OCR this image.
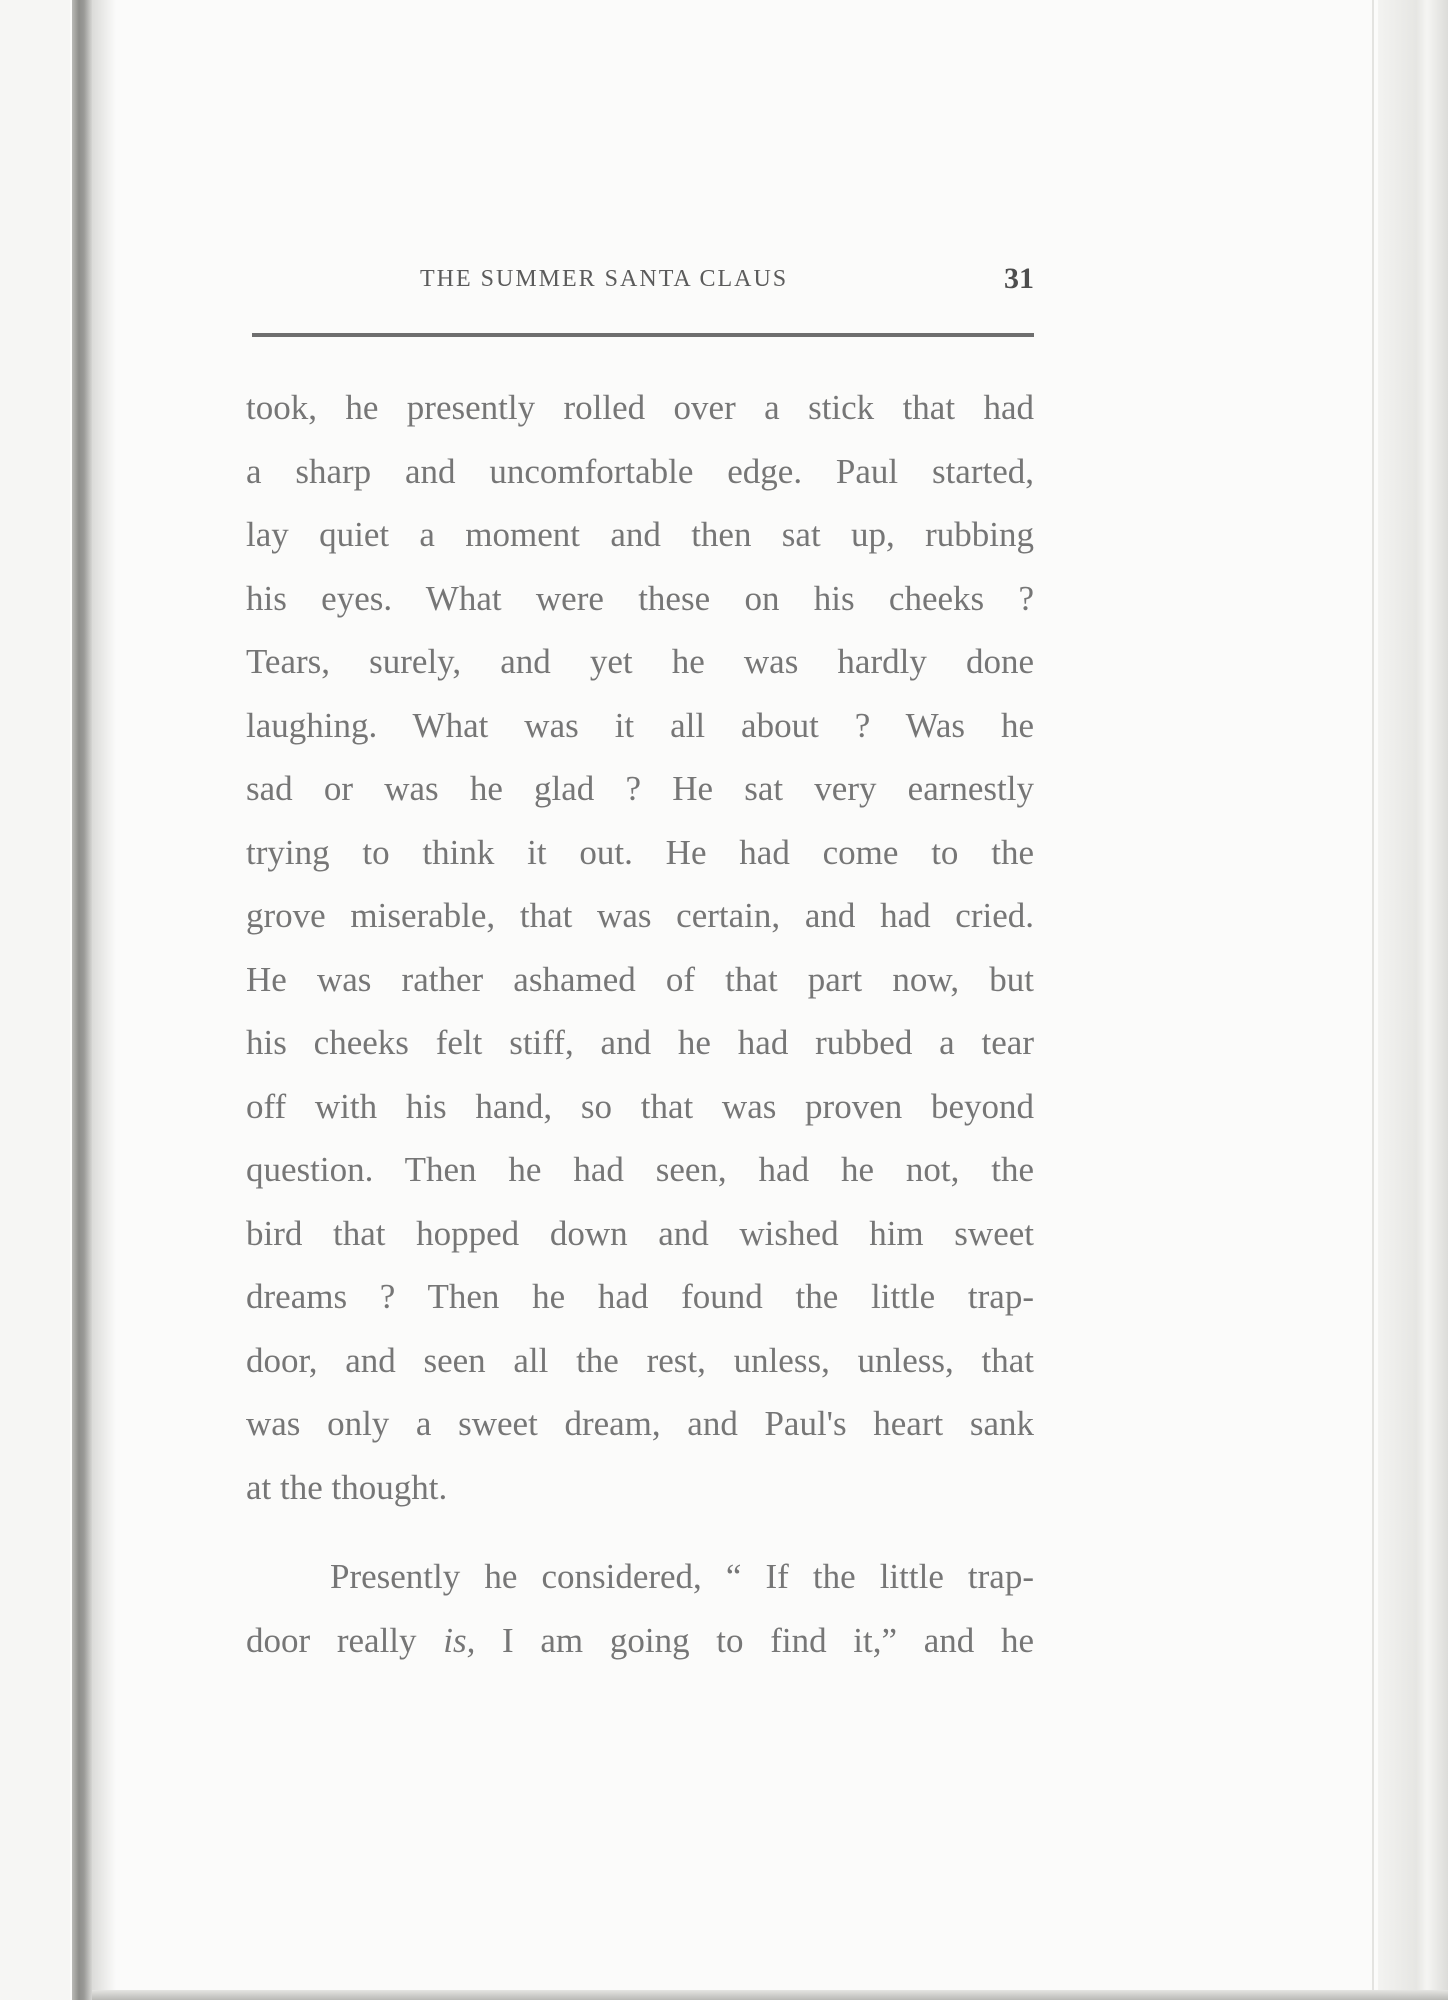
THE SUMMER SANTA CLAUS	31
took, he presently rolled over a stick that had
a sharp and uncomfortable edge. Paul started,
lay quiet a moment and then sat up, rubbing
his eyes. What were these on his cheeks ?
Tears, surely, and yet he was hardly done
laughing. What was it all about ? Was he
sad or was he glad ? He sat very earnestly
trying to think it out. He had come to the
grove miserable, that was certain, and had cried.
He was rather ashamed of that part now, but
his cheeks felt stiff, and he had rubbed a tear
off with his hand, so that was proven beyond
question. Then he had seen, had he not, the
bird that hopped down and wished him sweet
dreams ? Then he had found the little trap-
door, and seen all the rest, unless, unless, that
was only a sweet dream, and Paul's heart sank
at the thought.
Presently he considered, “ If the little trap-
door really is, I am going to find it,” and he
